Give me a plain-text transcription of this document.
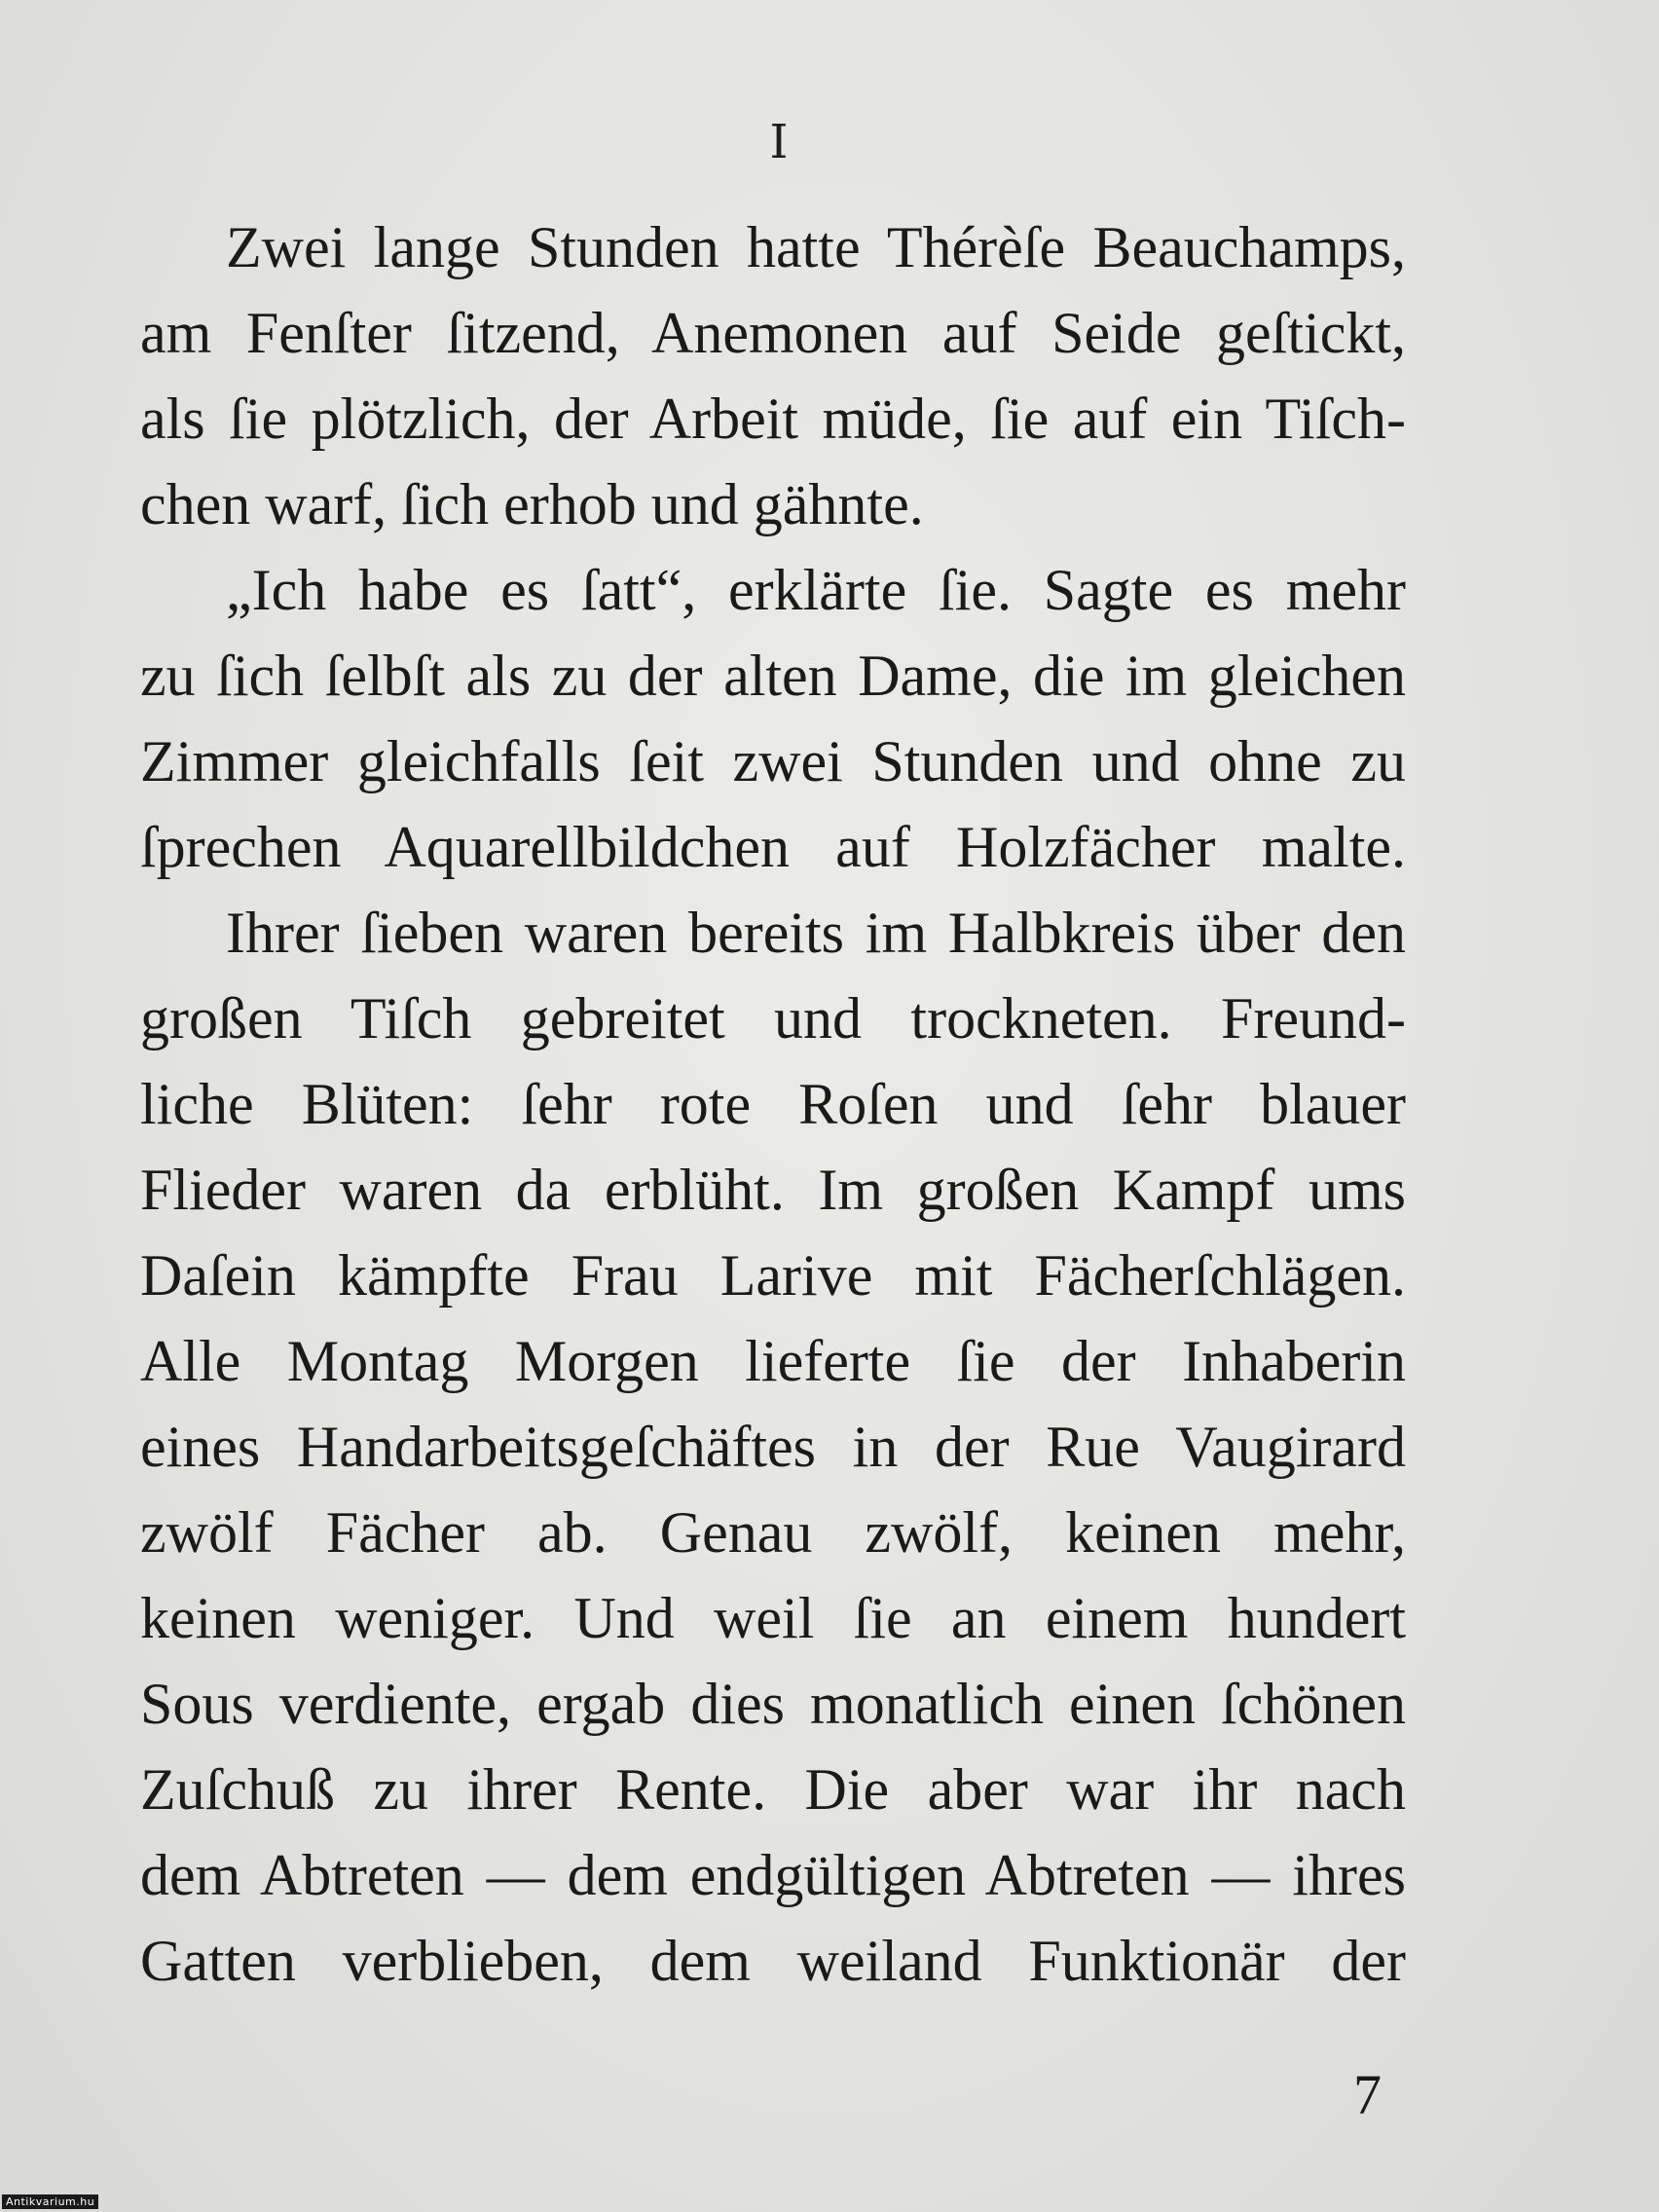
I
Zwei lange Stunden hatte Thérèſe Beauchamps,
am Fenſter ſitzend, Anemonen auf Seide geſtickt,
als ſie plötzlich, der Arbeit müde, ſie auf ein Tiſch-
chen warf, ſich erhob und gähnte.
„Ich habe es ſatt“, erklärte ſie. Sagte es mehr
zu ſich ſelbſt als zu der alten Dame, die im gleichen
Zimmer gleichfalls ſeit zwei Stunden und ohne zu
ſprechen Aquarellbildchen auf Holzfächer malte.
Ihrer ſieben waren bereits im Halbkreis über den
großen Tiſch gebreitet und trockneten. Freund-
liche Blüten: ſehr rote Roſen und ſehr blauer
Flieder waren da erblüht. Im großen Kampf ums
Daſein kämpfte Frau Larive mit Fächerſchlägen.
Alle Montag Morgen lieferte ſie der Inhaberin
eines Handarbeitsgeſchäftes in der Rue Vaugirard
zwölf Fächer ab. Genau zwölf, keinen mehr,
keinen weniger. Und weil ſie an einem hundert
Sous verdiente, ergab dies monatlich einen ſchönen
Zuſchuß zu ihrer Rente. Die aber war ihr nach
dem Abtreten — dem endgültigen Abtreten — ihres
Gatten verblieben, dem weiland Funktionär der
7
Antikvarium.hu
